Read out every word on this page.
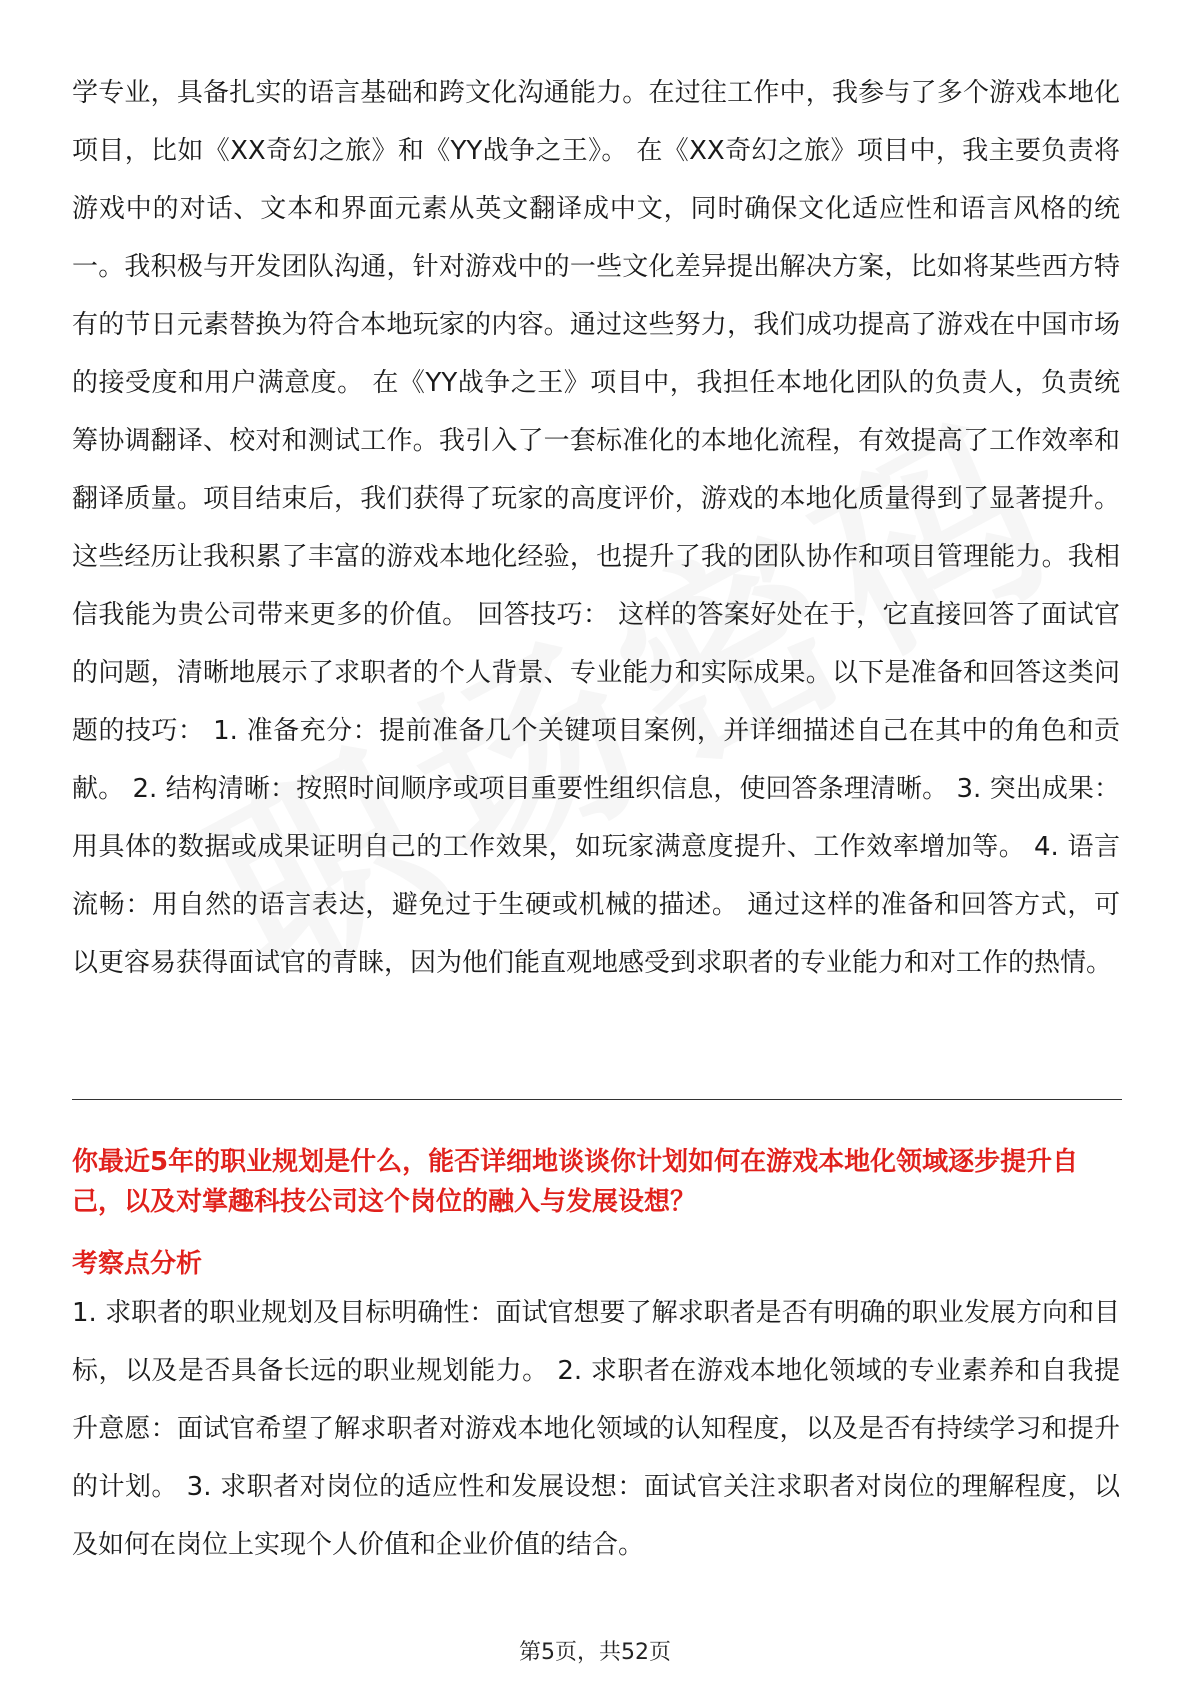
学专业，具备扎实的语言基础和跨文化沟通能力。在过往工作中，我参与了多个游戏本地化项目，比如《XX奇幻之旅》和《YY战争之王》。 在《XX奇幻之旅》项目中，我主要负责将游戏中的对话、文本和界面元素从英文翻译成中文，同时确保文化适应性和语言风格的统一。我积极与开发团队沟通，针对游戏中的一些文化差异提出解决方案，比如将某些西方特有的节日元素替换为符合本地玩家的内容。通过这些努力，我们成功提高了游戏在中国市场的接受度和用户满意度。 在《YY战争之王》项目中，我担任本地化团队的负责人，负责统筹协调翻译、校对和测试工作。我引入了一套标准化的本地化流程，有效提高了工作效率和翻译质量。项目结束后，我们获得了玩家的高度评价，游戏的本地化质量得到了显著提升。 这些经历让我积累了丰富的游戏本地化经验，也提升了我的团队协作和项目管理能力。我相信我能为贵公司带来更多的价值。 回答技巧： 这样的答案好处在于，它直接回答了面试官的问题，清晰地展示了求职者的个人背景、专业能力和实际成果。以下是准备和回答这类问题的技巧： 1. 准备充分：提前准备几个关键项目案例，并详细描述自己在其中的角色和贡献。 2. 结构清晰：按照时间顺序或项目重要性组织信息，使回答条理清晰。 3. 突出成果：用具体的数据或成果证明自己的工作效果，如玩家满意度提升、工作效率增加等。 4. 语言流畅：用自然的语言表达，避免过于生硬或机械的描述。 通过这样的准备和回答方式，可以更容易获得面试官的青睐，因为他们能直观地感受到求职者的专业能力和对工作的热情。

你最近5年的职业规划是什么，能否详细地谈谈你计划如何在游戏本地化领域逐步提升自己，以及对掌趣科技公司这个岗位的融入与发展设想？

考察点分析

1. 求职者的职业规划及目标明确性：面试官想要了解求职者是否有明确的职业发展方向和目标，以及是否具备长远的职业规划能力。 2. 求职者在游戏本地化领域的专业素养和自我提升意愿：面试官希望了解求职者对游戏本地化领域的认知程度，以及是否有持续学习和提升的计划。 3. 求职者对岗位的适应性和发展设想：面试官关注求职者对岗位的理解程度，以及如何在岗位上实现个人价值和企业价值的结合。

第5页，共52页
